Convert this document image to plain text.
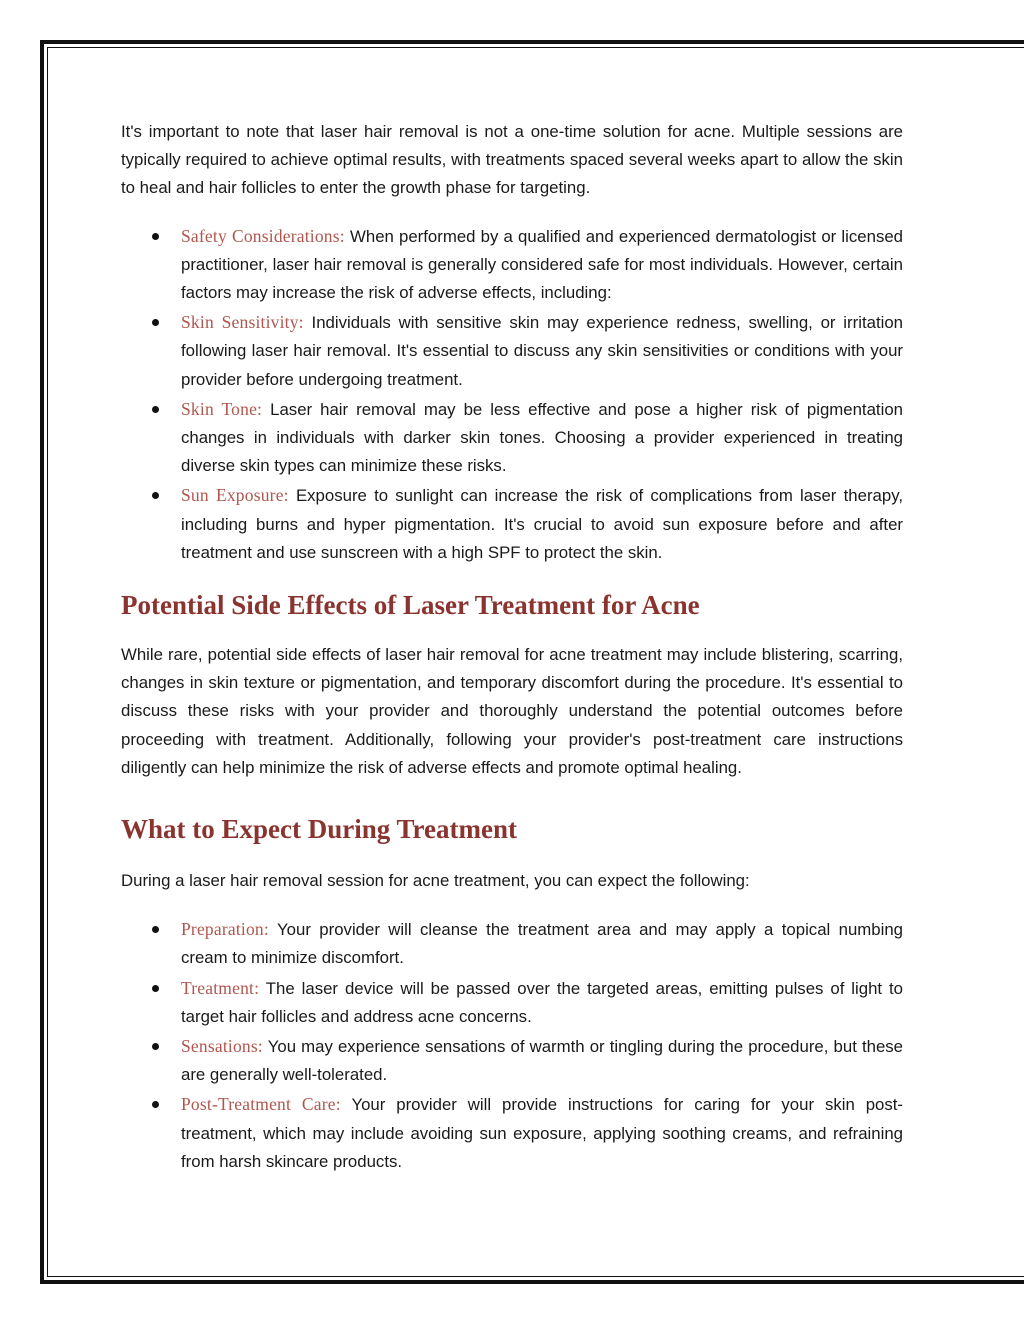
It's important to note that laser hair removal is not a one-time solution for acne. Multiple sessions are typically required to achieve optimal results, with treatments spaced several weeks apart to allow the skin to heal and hair follicles to enter the growth phase for targeting.

Safety Considerations: When performed by a qualified and experienced dermatologist or licensed practitioner, laser hair removal is generally considered safe for most individuals. However, certain factors may increase the risk of adverse effects, including:
Skin Sensitivity: Individuals with sensitive skin may experience redness, swelling, or irritation following laser hair removal. It's essential to discuss any skin sensitivities or conditions with your provider before undergoing treatment.
Skin Tone: Laser hair removal may be less effective and pose a higher risk of pigmentation changes in individuals with darker skin tones. Choosing a provider experienced in treating diverse skin types can minimize these risks.
Sun Exposure: Exposure to sunlight can increase the risk of complications from laser therapy, including burns and hyper pigmentation. It's crucial to avoid sun exposure before and after treatment and use sunscreen with a high SPF to protect the skin.
Potential Side Effects of Laser Treatment for Acne

While rare, potential side effects of laser hair removal for acne treatment may include blistering, scarring, changes in skin texture or pigmentation, and temporary discomfort during the procedure. It's essential to discuss these risks with your provider and thoroughly understand the potential outcomes before proceeding with treatment. Additionally, following your provider's post-treatment care instructions diligently can help minimize the risk of adverse effects and promote optimal healing.

What to Expect During Treatment

During a laser hair removal session for acne treatment, you can expect the following:

Preparation: Your provider will cleanse the treatment area and may apply a topical numbing cream to minimize discomfort.
Treatment: The laser device will be passed over the targeted areas, emitting pulses of light to target hair follicles and address acne concerns.
Sensations: You may experience sensations of warmth or tingling during the procedure, but these are generally well-tolerated.
Post-Treatment Care: Your provider will provide instructions for caring for your skin post-treatment, which may include avoiding sun exposure, applying soothing creams, and refraining from harsh skincare products.
